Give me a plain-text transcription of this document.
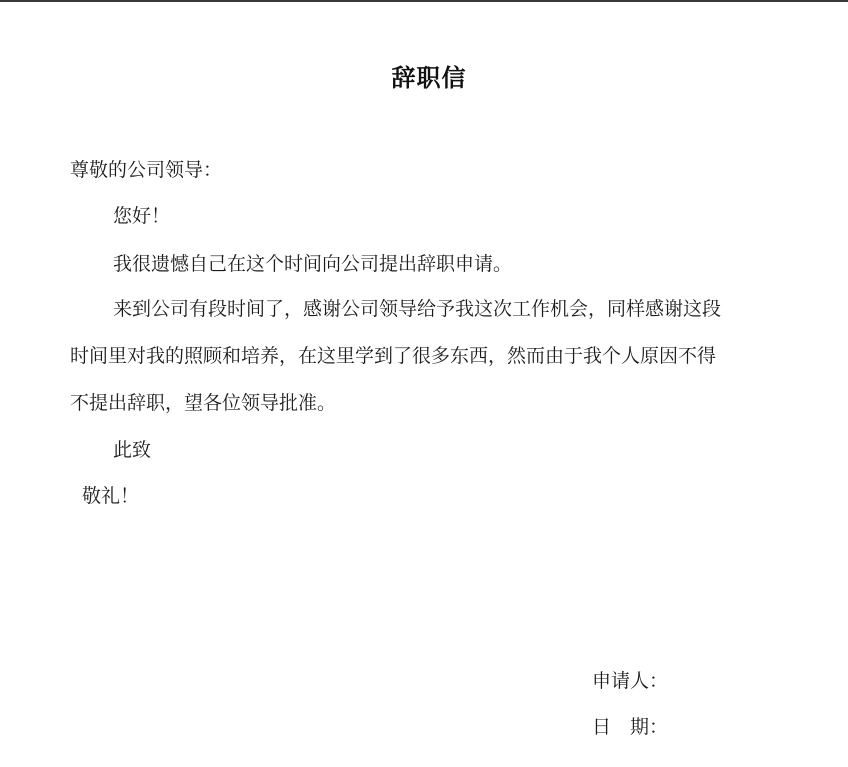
辞职信
尊敬的公司领导：
您好！
我很遗憾自己在这个时间向公司提出辞职申请。
来到公司有段时间了，感谢公司领导给予我这次工作机会，同样感谢这段
时间里对我的照顾和培养，在这里学到了很多东西，然而由于我个人原因不得
不提出辞职，望各位领导批准。
此致
敬礼！
申请人：
日　期：
